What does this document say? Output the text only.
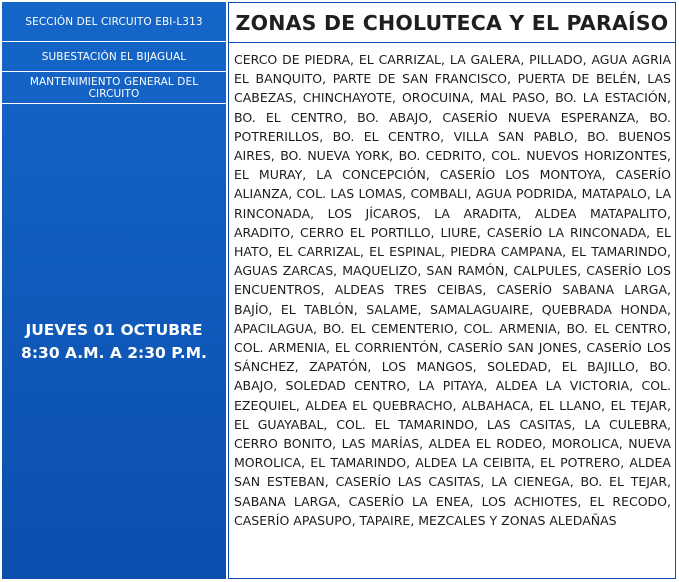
SECCIÓN DEL CIRCUITO EBI-L313
SUBESTACIÓN EL BIJAGUAL
MANTENIMIENTO GENERAL DEL CIRCUITO
JUEVES 01 OCTUBRE
8:30 A.M. A 2:30 P.M.
ZONAS DE CHOLUTECA Y EL PARAÍSO
CERCO DE PIEDRA, EL CARRIZAL, LA GALERA, PILLADO, AGUA AGRIA EL BANQUITO, PARTE DE SAN FRANCISCO, PUERTA DE BELÉN, LAS CABEZAS, CHINCHAYOTE, OROCUINA, MAL PASO, BO. LA ESTACIÓN, BO. EL CENTRO, BO. ABAJO, CASERÍO NUEVA ESPERANZA, BO. POTRERILLOS, BO. EL CENTRO, VILLA SAN PABLO, BO. BUENOS AIRES, BO. NUEVA YORK, BO. CEDRITO, COL. NUEVOS HORIZONTES, EL MURAY, LA CONCEPCIÓN, CASERÍO LOS MONTOYA, CASERÍO ALIANZA, COL. LAS LOMAS, COMBALI, AGUA PODRIDA, MATAPALO, LA RINCONADA, LOS JÍCAROS, LA ARADITA, ALDEA MATAPALITO, ARADITO, CERRO EL PORTILLO, LIURE, CASERÍO LA RINCONADA, EL HATO, EL CARRIZAL, EL ESPINAL, PIEDRA CAMPANA, EL TAMARINDO, AGUAS ZARCAS, MAQUELIZO, SAN RAMÓN, CALPULES, CASERÍO LOS ENCUENTROS, ALDEAS TRES CEIBAS, CASERÍO SABANA LARGA, BAJÍO, EL TABLÓN, SALAME, SAMALAGUAIRE, QUEBRADA HONDA, APACILAGUA, BO. EL CEMENTERIO, COL. ARMENIA, BO. EL CENTRO, COL. ARMENIA, EL CORRIENTÓN, CASERÍO SAN JONES, CASERÍO LOS SÁNCHEZ, ZAPATÓN, LOS MANGOS, SOLEDAD, EL BAJILLO, BO. ABAJO, SOLEDAD CENTRO, LA PITAYA, ALDEA LA VICTORIA, COL. EZEQUIEL, ALDEA EL QUEBRACHO, ALBAHACA, EL LLANO, EL TEJAR, EL GUAYABAL, COL. EL TAMARINDO, LAS CASITAS, LA CULEBRA, CERRO BONITO, LAS MARÍAS, ALDEA EL RODEO, MOROLICA, NUEVA MOROLICA, EL TAMARINDO, ALDEA LA CEIBITA, EL POTRERO, ALDEA SAN ESTEBAN, CASERÍO LAS CASITAS, LA CIENEGA, BO. EL TEJAR, SABANA LARGA, CASERÍO LA ENEA, LOS ACHIOTES, EL RECODO, CASERÍO APASUPO, TAPAIRE, MEZCALES Y ZONAS ALEDAÑAS
